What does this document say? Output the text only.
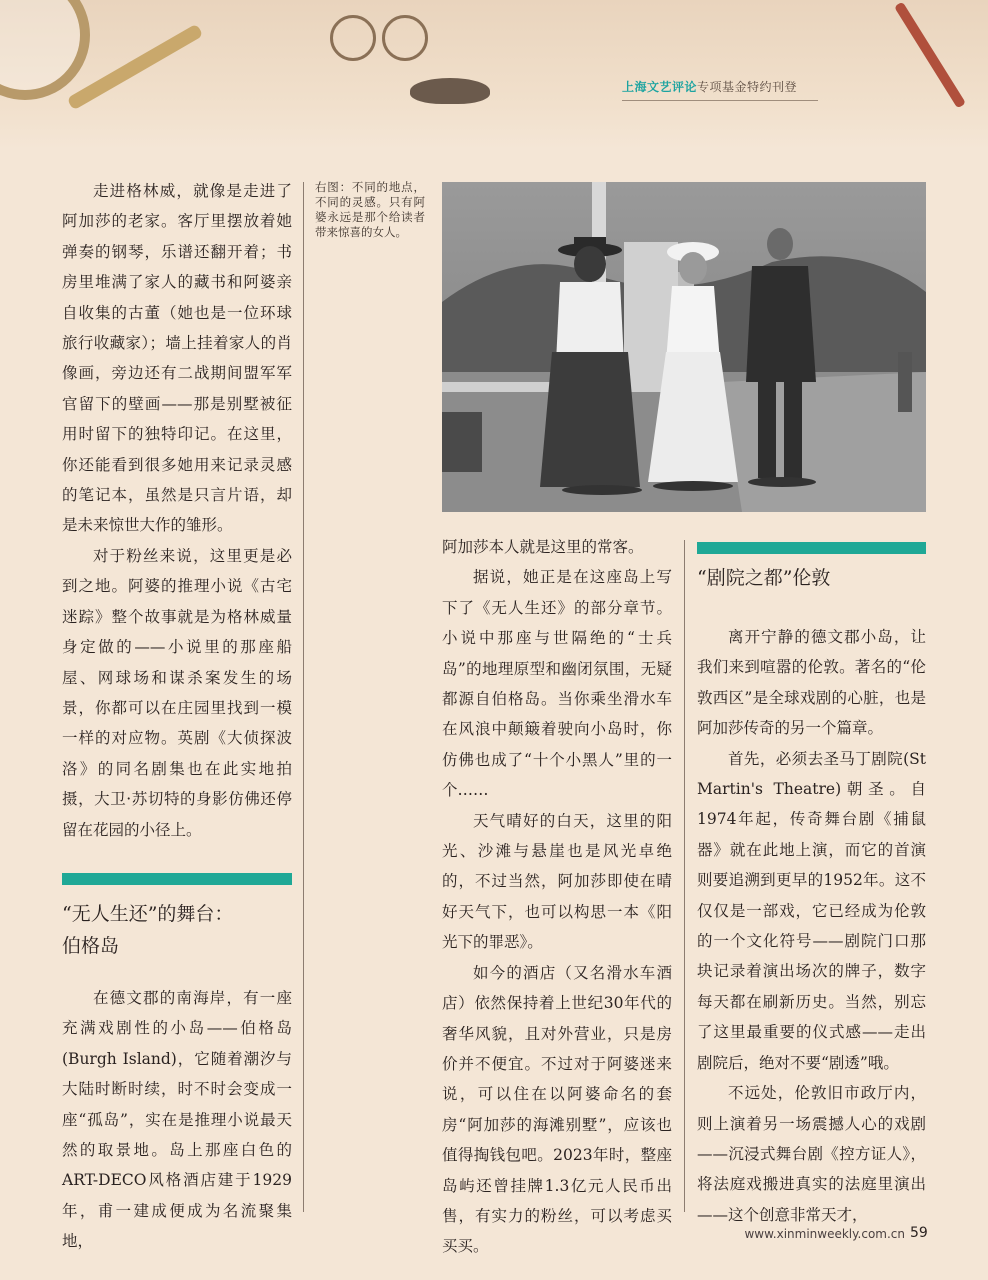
上海文艺评论专项基金特约刊登

走进格林威，就像是走进了阿加莎的老家。客厅里摆放着她弹奏的钢琴，乐谱还翻开着；书房里堆满了家人的藏书和阿婆亲自收集的古董（她也是一位环球旅行收藏家）；墙上挂着家人的肖像画，旁边还有二战期间盟军军官留下的壁画——那是别墅被征用时留下的独特印记。在这里，你还能看到很多她用来记录灵感的笔记本，虽然是只言片语，却是未来惊世大作的雏形。

对于粉丝来说，这里更是必到之地。阿婆的推理小说《古宅迷踪》整个故事就是为格林威量身定做的——小说里的那座船屋、网球场和谋杀案发生的场景，你都可以在庄园里找到一模一样的对应物。英剧《大侦探波洛》的同名剧集也在此实地拍摄，大卫·苏切特的身影仿佛还停留在花园的小径上。

“无人生还”的舞台：
伯格岛

在德文郡的南海岸，有一座充满戏剧性的小岛——伯格岛(Burgh Island)，它随着潮汐与大陆时断时续，时不时会变成一座“孤岛”，实在是推理小说最天然的取景地。岛上那座白色的ART-DECO风格酒店建于1929年，甫一建成便成为名流聚集地，

右图：不同的地点，不同的灵感。只有阿婆永远是那个给读者带来惊喜的女人。

阿加莎本人就是这里的常客。

据说，她正是在这座岛上写下了《无人生还》的部分章节。小说中那座与世隔绝的“士兵岛”的地理原型和幽闭氛围，无疑都源自伯格岛。当你乘坐滑水车在风浪中颠簸着驶向小岛时，你仿佛也成了“十个小黑人”里的一个……

天气晴好的白天，这里的阳光、沙滩与悬崖也是风光卓绝的，不过当然，阿加莎即使在晴好天气下，也可以构思一本《阳光下的罪恶》。

如今的酒店（又名滑水车酒店）依然保持着上世纪30年代的奢华风貌，且对外营业，只是房价并不便宜。不过对于阿婆迷来说，可以住在以阿婆命名的套房“阿加莎的海滩别墅”，应该也值得掏钱包吧。2023年时，整座岛屿还曾挂牌1.3亿元人民币出售，有实力的粉丝，可以考虑买买买。

“剧院之都”伦敦

离开宁静的德文郡小岛，让我们来到喧嚣的伦敦。著名的“伦敦西区”是全球戏剧的心脏，也是阿加莎传奇的另一个篇章。

首先，必须去圣马丁剧院(St Martin's Theatre)朝圣。自1974年起，传奇舞台剧《捕鼠器》就在此地上演，而它的首演则要追溯到更早的1952年。这不仅仅是一部戏，它已经成为伦敦的一个文化符号——剧院门口那块记录着演出场次的牌子，数字每天都在刷新历史。当然，别忘了这里最重要的仪式感——走出剧院后，绝对不要“剧透”哦。

不远处，伦敦旧市政厅内，则上演着另一场震撼人心的戏剧——沉浸式舞台剧《控方证人》，将法庭戏搬进真实的法庭里演出——这个创意非常天才，

www.xinminweekly.com.cn 59
